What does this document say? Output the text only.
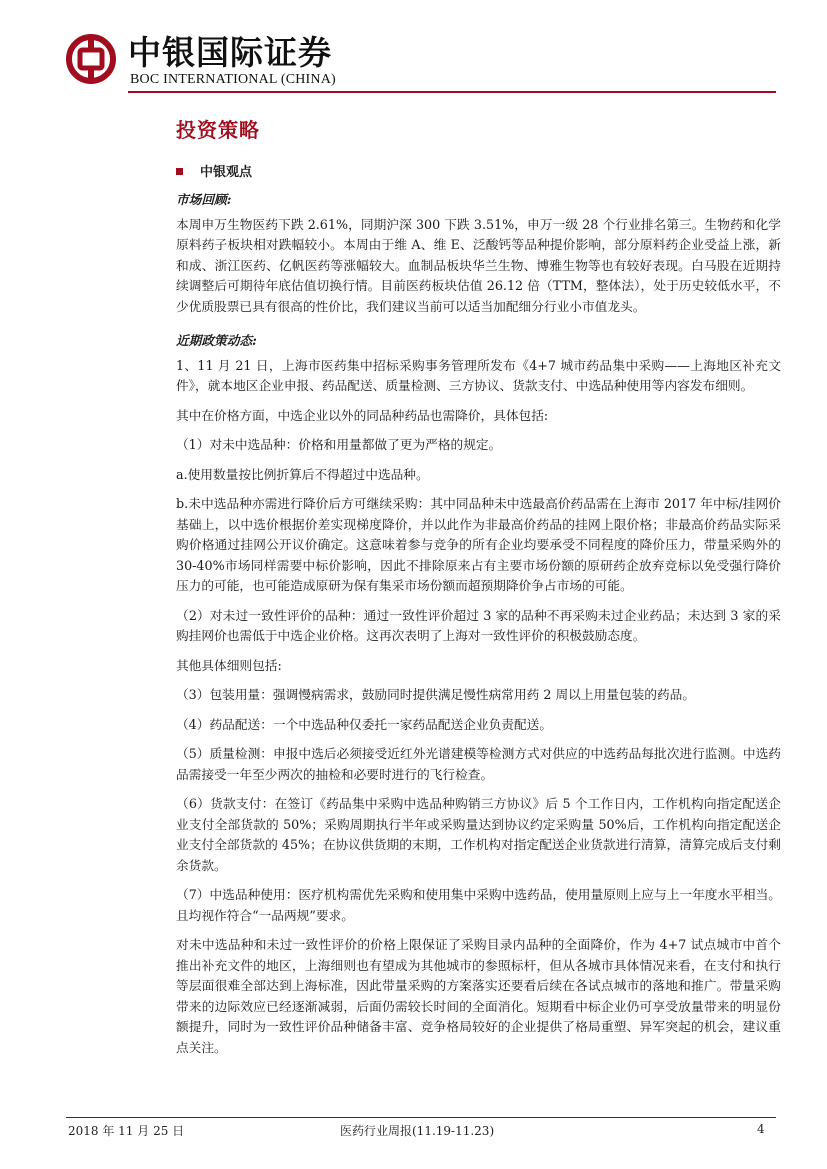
中银国际证券
BOC INTERNATIONAL (CHINA)
投资策略
中银观点

市场回顾:

本周申万生物医药下跌 2.61%，同期沪深 300 下跌 3.51%，申万一级 28 个行业排名第三。生物药和化学原料药子板块相对跌幅较小。本周由于维 A、维 E、泛酸钙等品种提价影响，部分原料药企业受益上涨，新和成、浙江医药、亿帆医药等涨幅较大。血制品板块华兰生物、博雅生物等也有较好表现。白马股在近期持续调整后可期待年底估值切换行情。目前医药板块估值 26.12 倍（TTM，整体法），处于历史较低水平，不少优质股票已具有很高的性价比，我们建议当前可以适当加配细分行业小市值龙头。

近期政策动态:

1、11 月 21 日，上海市医药集中招标采购事务管理所发布《4+7 城市药品集中采购——上海地区补充文件》，就本地区企业申报、药品配送、质量检测、三方协议、货款支付、中选品种使用等内容发布细则。

其中在价格方面，中选企业以外的同品种药品也需降价，具体包括:

（1）对未中选品种：价格和用量都做了更为严格的规定。

a.使用数量按比例折算后不得超过中选品种。

b.未中选品种亦需进行降价后方可继续采购：其中同品种未中选最高价药品需在上海市 2017 年中标/挂网价基础上，以中选价根据价差实现梯度降价，并以此作为非最高价药品的挂网上限价格；非最高价药品实际采购价格通过挂网公开议价确定。这意味着参与竞争的所有企业均要承受不同程度的降价压力，带量采购外的 30-40%市场同样需要中标价影响，因此不排除原来占有主要市场份额的原研药企放弃竞标以免受强行降价压力的可能，也可能造成原研为保有集采市场份额而超预期降价争占市场的可能。

（2）对未过一致性评价的品种：通过一致性评价超过 3 家的品种不再采购未过企业药品；未达到 3 家的采购挂网价也需低于中选企业价格。这再次表明了上海对一致性评价的积极鼓励态度。

其他具体细则包括:

（3）包装用量：强调慢病需求，鼓励同时提供满足慢性病常用药 2 周以上用量包装的药品。

（4）药品配送：一个中选品种仅委托一家药品配送企业负责配送。

（5）质量检测：申报中选后必须接受近红外光谱建模等检测方式对供应的中选药品每批次进行监测。中选药品需接受一年至少两次的抽检和必要时进行的飞行检查。

（6）货款支付：在签订《药品集中采购中选品种购销三方协议》后 5 个工作日内，工作机构向指定配送企业支付全部货款的 50%；采购周期执行半年或采购量达到协议约定采购量 50%后，工作机构向指定配送企业支付全部货款的 45%；在协议供货期的末期，工作机构对指定配送企业货款进行清算，清算完成后支付剩余货款。

（7）中选品种使用：医疗机构需优先采购和使用集中采购中选药品，使用量原则上应与上一年度水平相当。且均视作符合“一品两规”要求。

对未中选品种和未过一致性评价的价格上限保证了采购目录内品种的全面降价，作为 4+7 试点城市中首个推出补充文件的地区，上海细则也有望成为其他城市的参照标杆，但从各城市具体情况来看，在支付和执行等层面很难全部达到上海标准，因此带量采购的方案落实还要看后续在各试点城市的落地和推广。带量采购带来的边际效应已经逐渐减弱，后面仍需较长时间的全面消化。短期看中标企业仍可享受放量带来的明显份额提升，同时为一致性评价品种储备丰富、竞争格局较好的企业提供了格局重塑、异军突起的机会，建议重点关注。

2018 年 11 月 25 日	医药行业周报(11.19-11.23)	4
